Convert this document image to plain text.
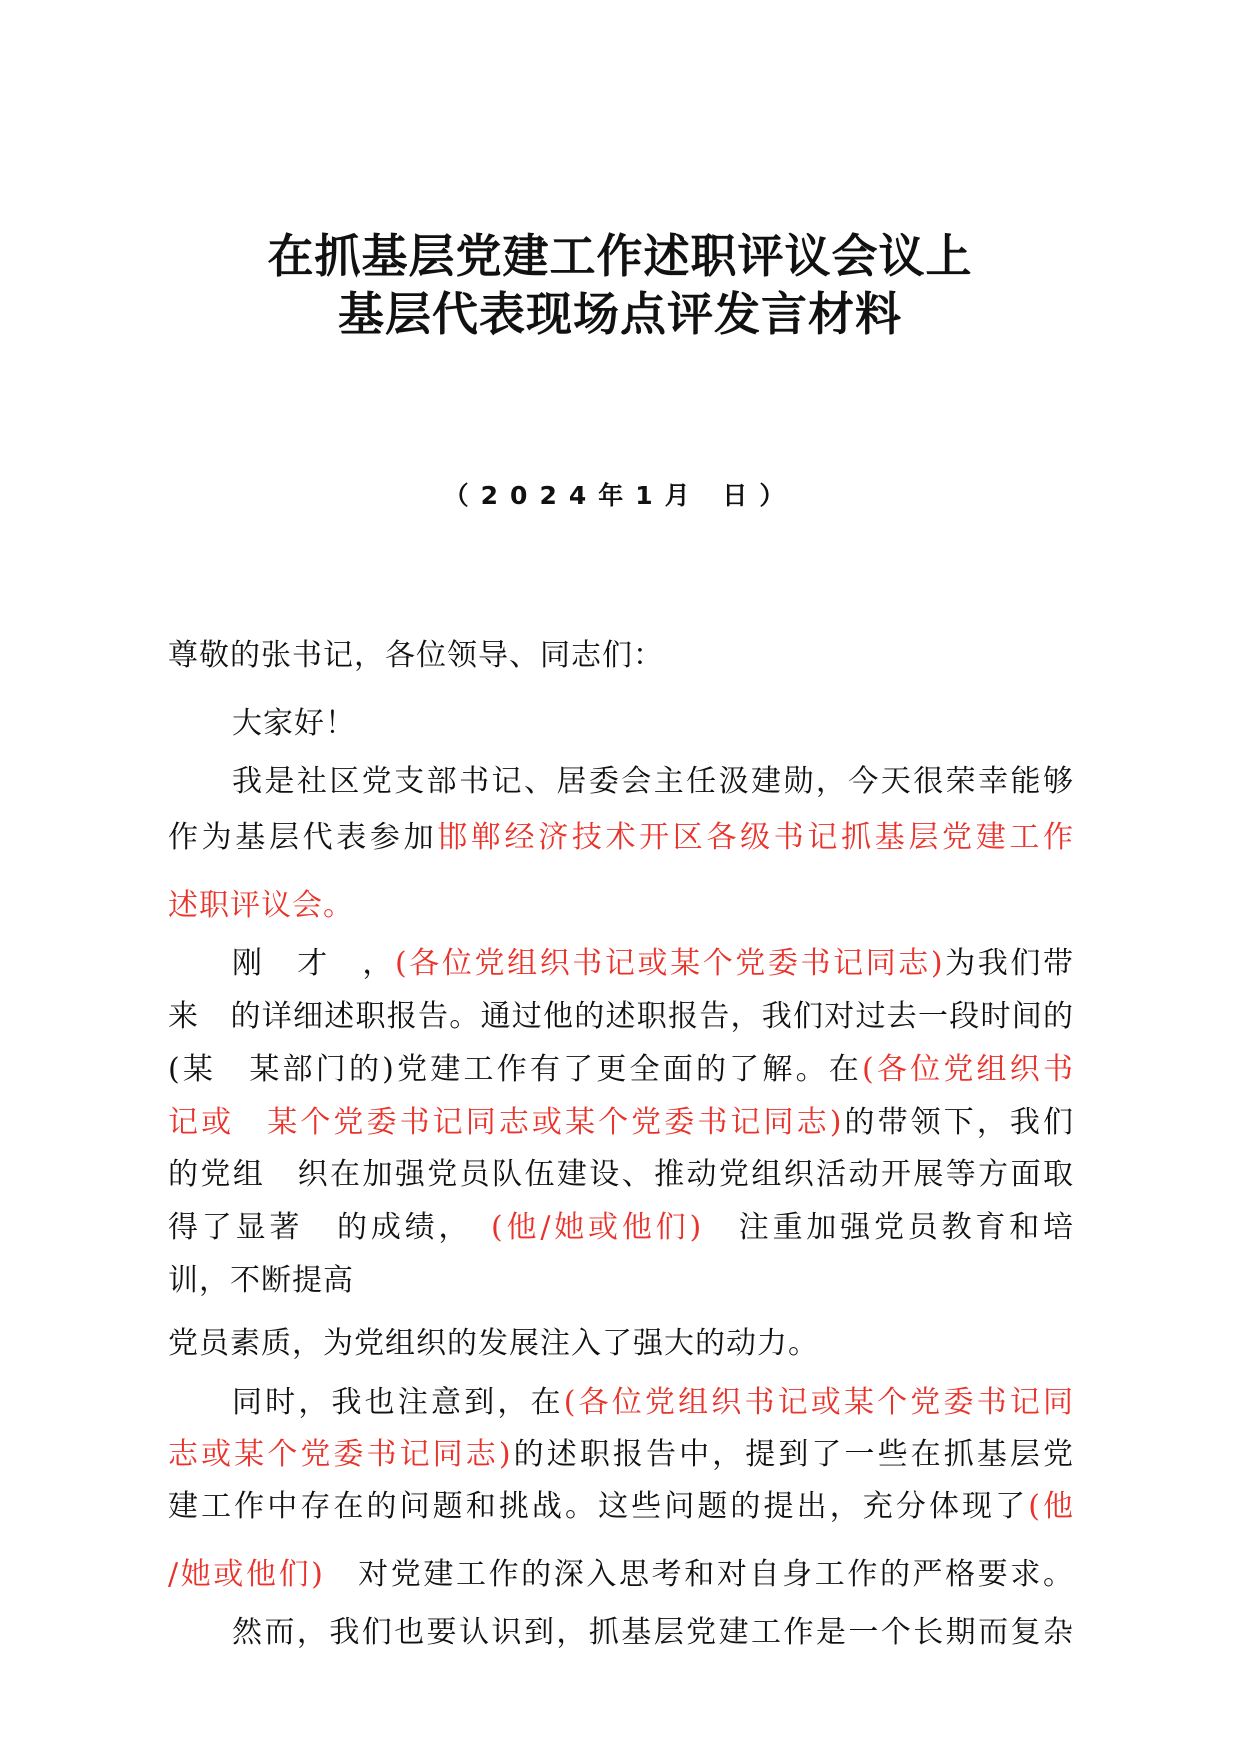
在抓基层党建工作述职评议会议上
基层代表现场点评发言材料

（2024年1月 日）

尊敬的张书记，各位领导、同志们：

大家好！

我是社区党支部书记、居委会主任汲建勋，今天很荣幸能够

作为基层代表参加邯郸经济技术开区各级书记抓基层党建工作

述职评议会。

刚　才　，(各位党组织书记或某个党委书记同志)为我们带

来　的详细述职报告。通过他的述职报告，我们对过去一段时间的

(某　某部门的)党建工作有了更全面的了解。在(各位党组织书

记或　某个党委书记同志或某个党委书记同志)的带领下，我们

的党组　织在加强党员队伍建设、推动党组织活动开展等方面取

得了显著　的成绩，　(他/她或他们)　注重加强党员教育和培

训，不断提高

党员素质，为党组织的发展注入了强大的动力。

同时，我也注意到，在(各位党组织书记或某个党委书记同

志或某个党委书记同志)的述职报告中，提到了一些在抓基层党

建工作中存在的问题和挑战。这些问题的提出，充分体现了(他

/她或他们)　对党建工作的深入思考和对自身工作的严格要求。

然而，我们也要认识到，抓基层党建工作是一个长期而复杂
